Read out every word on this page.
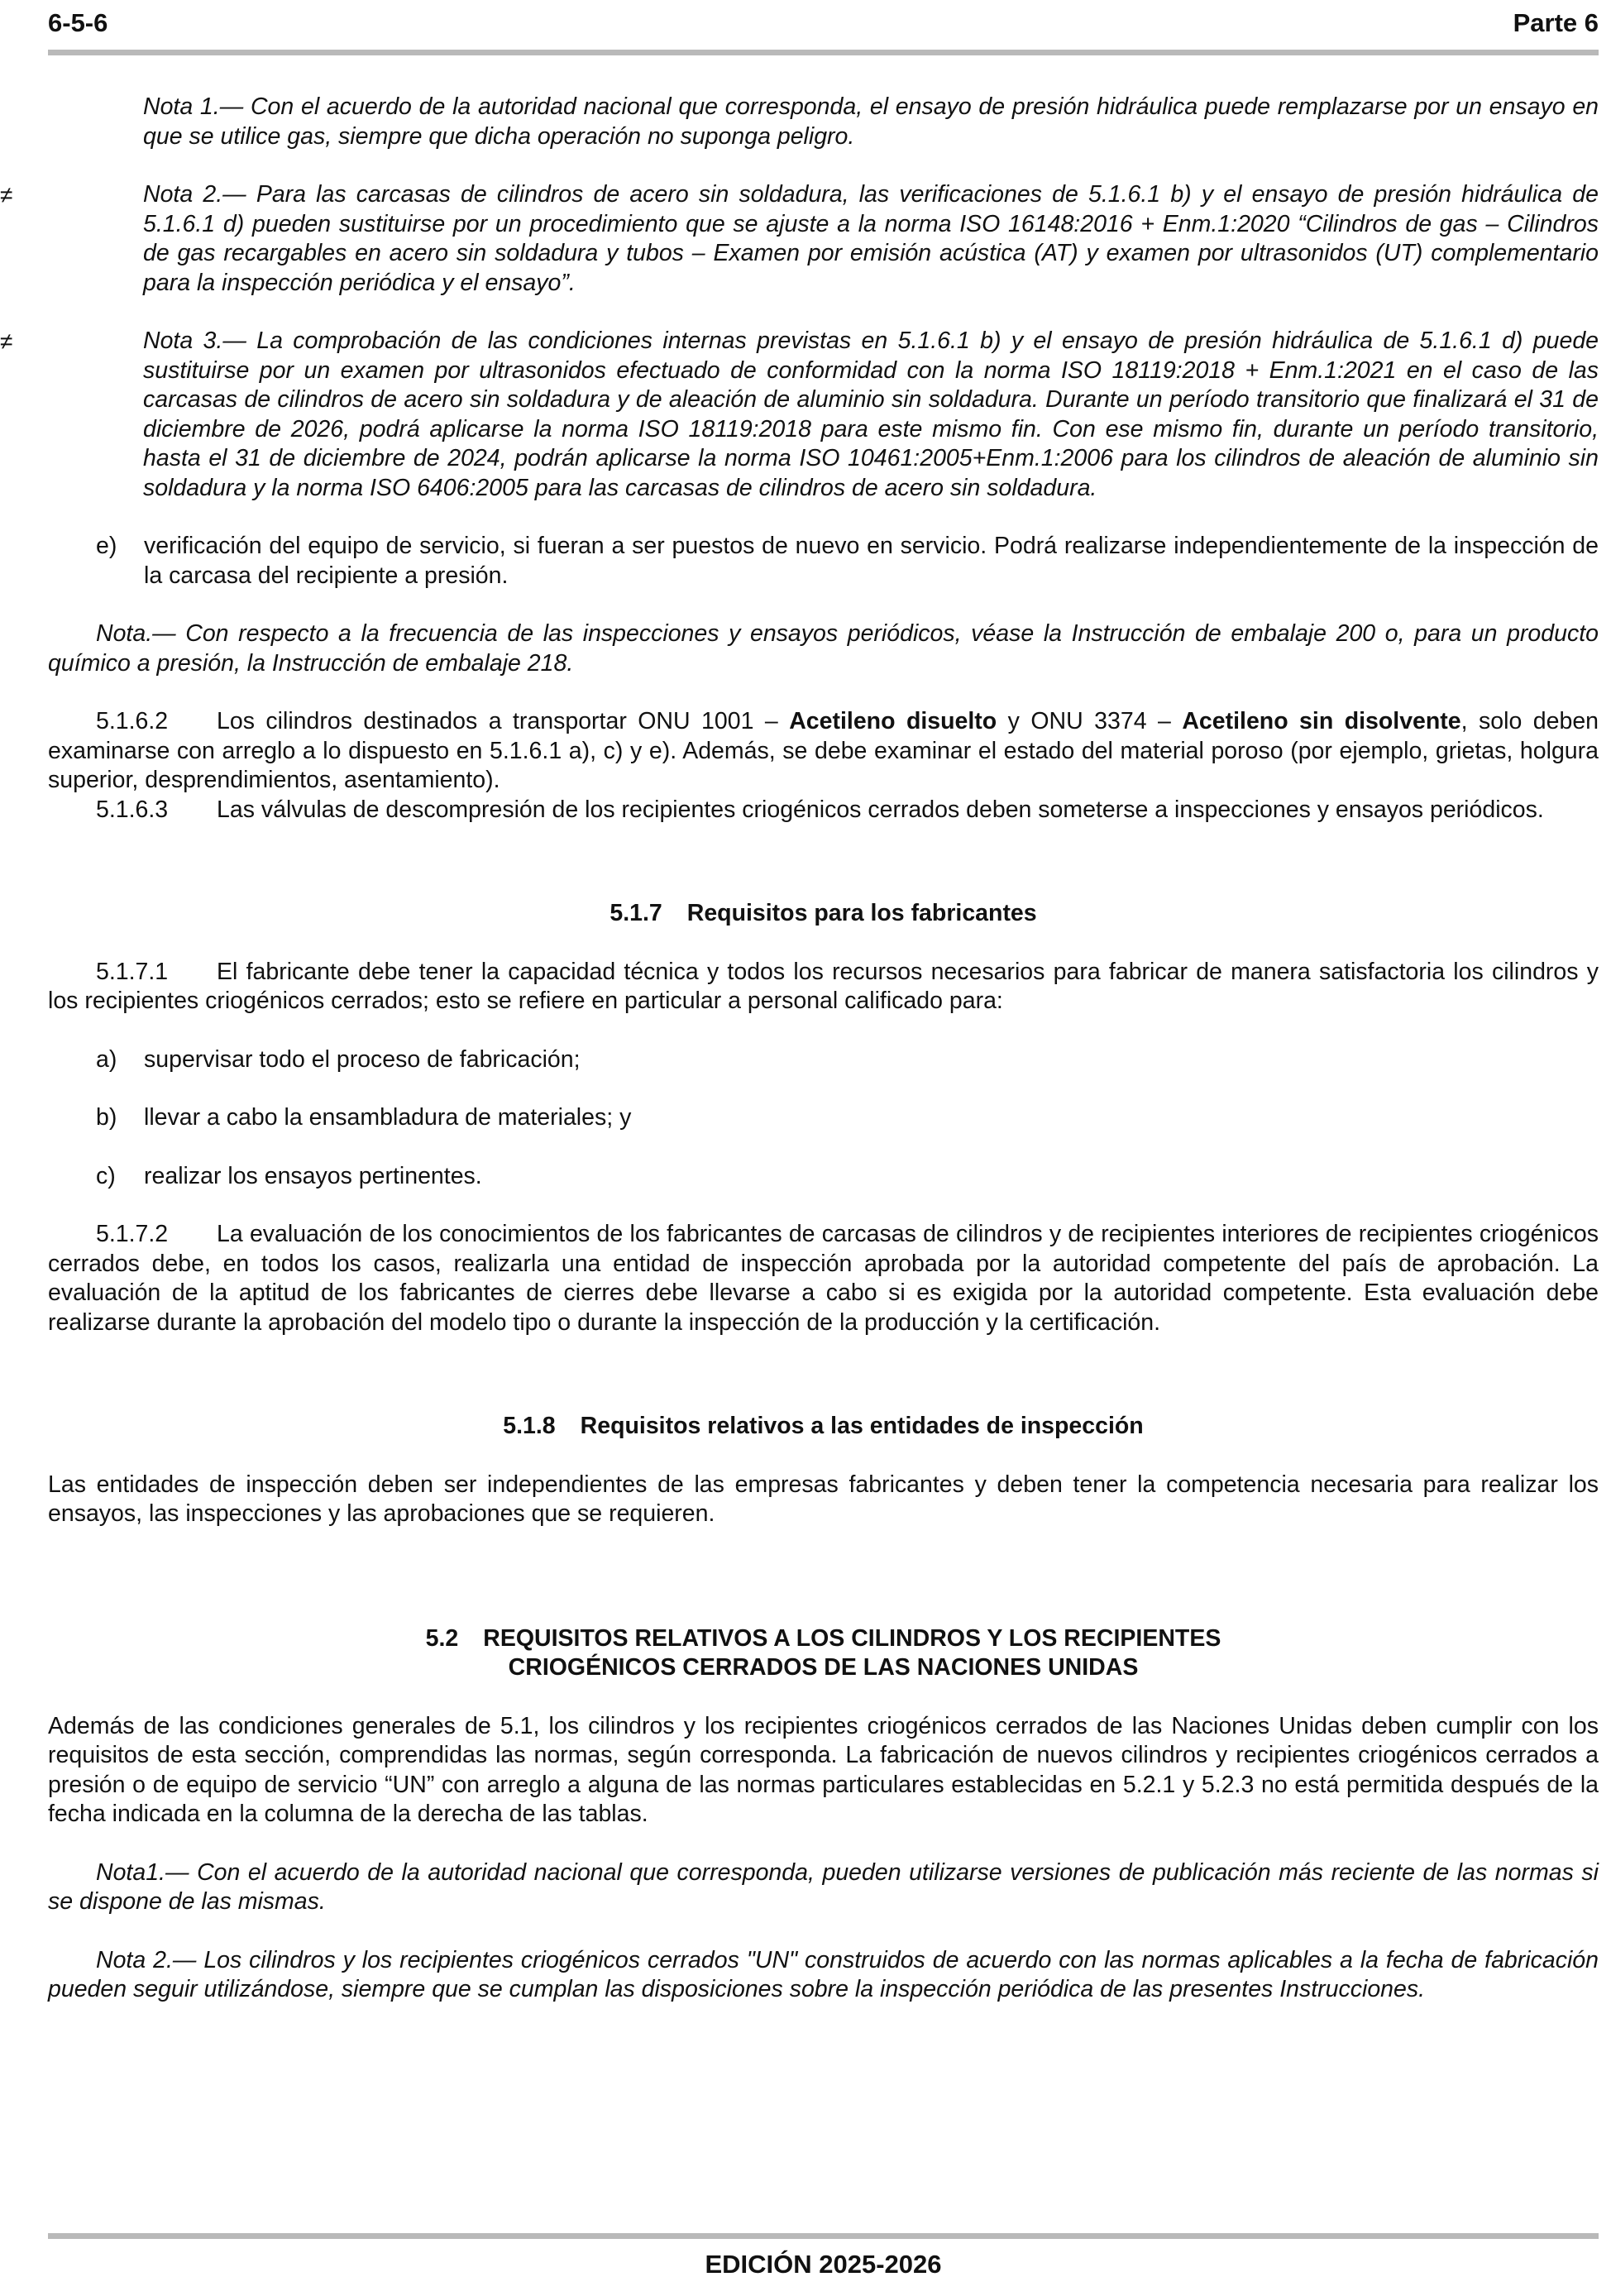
6-5-6	Parte 6

Nota 1.— Con el acuerdo de la autoridad nacional que corresponda, el ensayo de presión hidráulica puede remplazarse por un ensayo en que se utilice gas, siempre que dicha operación no suponga peligro.

≠	Nota 2.— Para las carcasas de cilindros de acero sin soldadura, las verificaciones de 5.1.6.1 b) y el ensayo de presión hidráulica de 5.1.6.1 d) pueden sustituirse por un procedimiento que se ajuste a la norma ISO 16148:2016 + Enm.1:2020 “Cilindros de gas – Cilindros de gas recargables en acero sin soldadura y tubos – Examen por emisión acústica (AT) y examen por ultrasonidos (UT) complementario para la inspección periódica y el ensayo”.

≠	Nota 3.— La comprobación de las condiciones internas previstas en 5.1.6.1 b) y el ensayo de presión hidráulica de 5.1.6.1 d) puede sustituirse por un examen por ultrasonidos efectuado de conformidad con la norma ISO 18119:2018 + Enm.1:2021 en el caso de las carcasas de cilindros de acero sin soldadura y de aleación de aluminio sin soldadura. Durante un período transitorio que finalizará el 31 de diciembre de 2026, podrá aplicarse la norma ISO 18119:2018 para este mismo fin. Con ese mismo fin, durante un período transitorio, hasta el 31 de diciembre de 2024, podrán aplicarse la norma ISO 10461:2005+Enm.1:2006 para los cilindros de aleación de aluminio sin soldadura y la norma ISO 6406:2005 para las carcasas de cilindros de acero sin soldadura.

e) verificación del equipo de servicio, si fueran a ser puestos de nuevo en servicio. Podrá realizarse independientemente de la inspección de la carcasa del recipiente a presión.

Nota.— Con respecto a la frecuencia de las inspecciones y ensayos periódicos, véase la Instrucción de embalaje 200 o, para un producto químico a presión, la Instrucción de embalaje 218.

5.1.6.2 Los cilindros destinados a transportar ONU 1001 – Acetileno disuelto y ONU 3374 – Acetileno sin disolvente, solo deben examinarse con arreglo a lo dispuesto en 5.1.6.1 a), c) y e). Además, se debe examinar el estado del material poroso (por ejemplo, grietas, holgura superior, desprendimientos, asentamiento).

5.1.6.3 Las válvulas de descompresión de los recipientes criogénicos cerrados deben someterse a inspecciones y ensayos periódicos.

5.1.7 Requisitos para los fabricantes

5.1.7.1 El fabricante debe tener la capacidad técnica y todos los recursos necesarios para fabricar de manera satisfactoria los cilindros y los recipientes criogénicos cerrados; esto se refiere en particular a personal calificado para:

a) supervisar todo el proceso de fabricación;

b) llevar a cabo la ensambladura de materiales; y

c) realizar los ensayos pertinentes.

5.1.7.2 La evaluación de los conocimientos de los fabricantes de carcasas de cilindros y de recipientes interiores de recipientes criogénicos cerrados debe, en todos los casos, realizarla una entidad de inspección aprobada por la autoridad competente del país de aprobación. La evaluación de la aptitud de los fabricantes de cierres debe llevarse a cabo si es exigida por la autoridad competente. Esta evaluación debe realizarse durante la aprobación del modelo tipo o durante la inspección de la producción y la certificación.

5.1.8 Requisitos relativos a las entidades de inspección

Las entidades de inspección deben ser independientes de las empresas fabricantes y deben tener la competencia necesaria para realizar los ensayos, las inspecciones y las aprobaciones que se requieren.

5.2 REQUISITOS RELATIVOS A LOS CILINDROS Y LOS RECIPIENTES
CRIOGÉNICOS CERRADOS DE LAS NACIONES UNIDAS

Además de las condiciones generales de 5.1, los cilindros y los recipientes criogénicos cerrados de las Naciones Unidas deben cumplir con los requisitos de esta sección, comprendidas las normas, según corresponda. La fabricación de nuevos cilindros y recipientes criogénicos cerrados a presión o de equipo de servicio “UN” con arreglo a alguna de las normas particulares establecidas en 5.2.1 y 5.2.3 no está permitida después de la fecha indicada en la columna de la derecha de las tablas.

Nota1.— Con el acuerdo de la autoridad nacional que corresponda, pueden utilizarse versiones de publicación más reciente de las normas si se dispone de las mismas.

Nota 2.— Los cilindros y los recipientes criogénicos cerrados "UN" construidos de acuerdo con las normas aplicables a la fecha de fabricación pueden seguir utilizándose, siempre que se cumplan las disposiciones sobre la inspección periódica de las presentes Instrucciones.

EDICIÓN 2025-2026
